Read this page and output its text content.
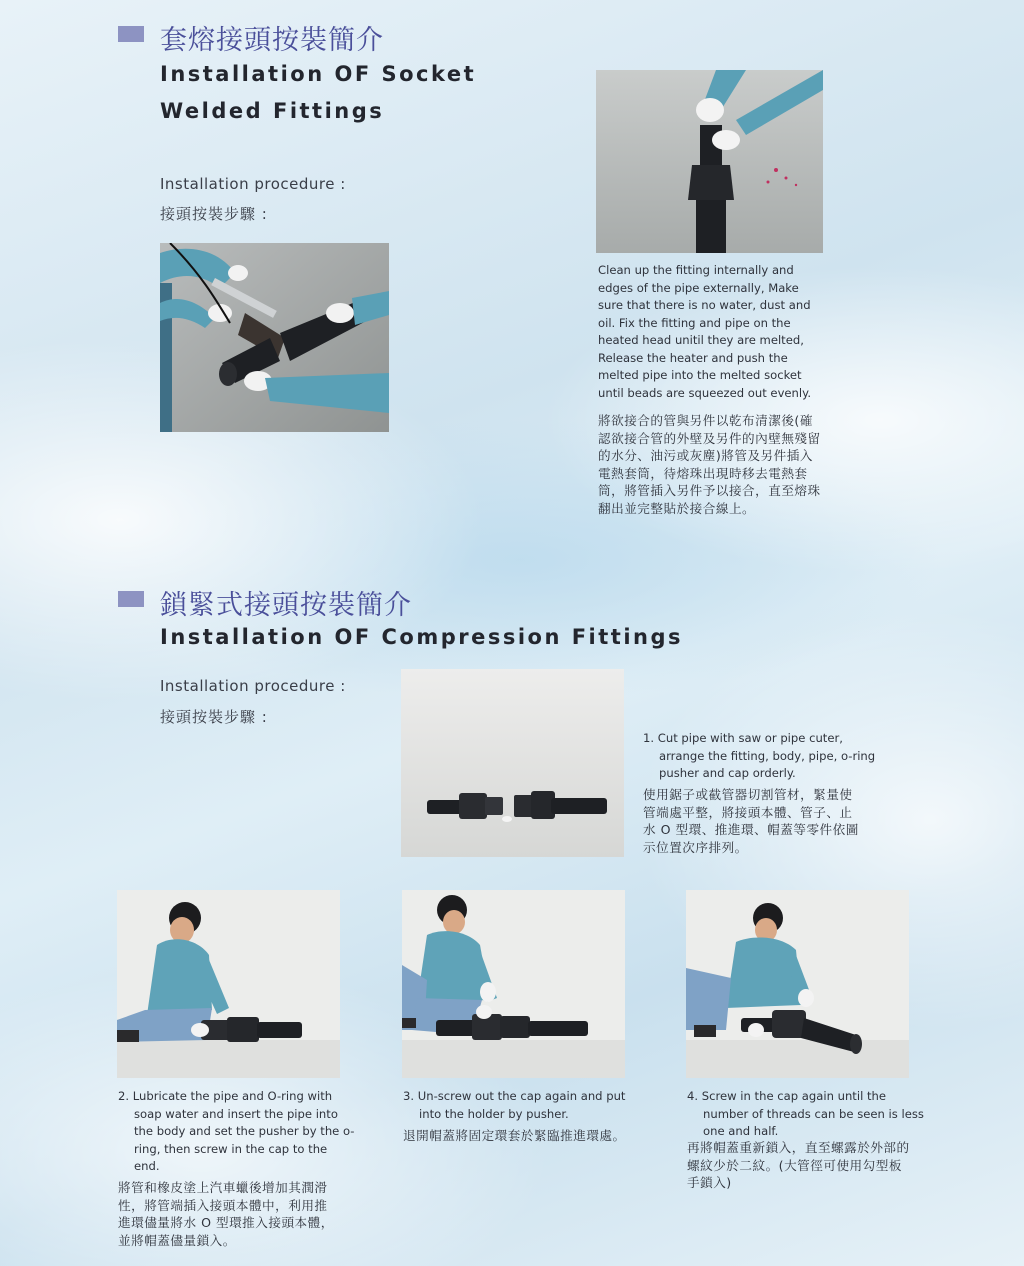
套熔接頭按裝簡介
Installation OF Socket
Welded Fittings
Installation procedure :
接頭按裝步驟 :
Clean up the fitting internally and edges of the pipe externally, Make sure that there is no water, dust and oil. Fix the fitting and pipe on the heated head unitil they are melted, Release the heater and push the melted pipe into the melted socket until beads are squeezed out evenly.
將欲接合的管與另件以乾布清潔後(確認欲接合管的外壁及另件的內壁無殘留的水分、油污或灰塵)將管及另件插入電熱套筒，待熔珠出現時移去電熱套筒，將管插入另件予以接合，直至熔珠翻出並完整貼於接合線上。
鎖緊式接頭按裝簡介
Installation OF Compression Fittings
Installation procedure :
接頭按裝步驟 :
1. Cut pipe with saw or pipe cuter, arrange the fitting, body, pipe, o-ring pusher and cap orderly.
使用鋸子或截管器切割管材，緊量使管端處平整，將接頭本體、管子、止水 O 型環、推進環、帽蓋等零件依圖示位置次序排列。
2. Lubricate the pipe and O-ring with soap water and insert the pipe into the body and set the pusher by the o-ring, then screw in the cap to the end.
將管和橡皮塗上汽車蠟後增加其潤滑性，將管端插入接頭本體中，利用推進環儘量將水 O 型環推入接頭本體，並將帽蓋儘量鎖入。
3. Un-screw out the cap again and put into the holder by pusher.
退開帽蓋將固定環套於緊臨推進環處。
4. Screw in the cap again until the number of threads can be seen is less one and half.
再將帽蓋重新鎖入，直至螺露於外部的螺紋少於二紋。(大管徑可使用勾型板手鎖入)
